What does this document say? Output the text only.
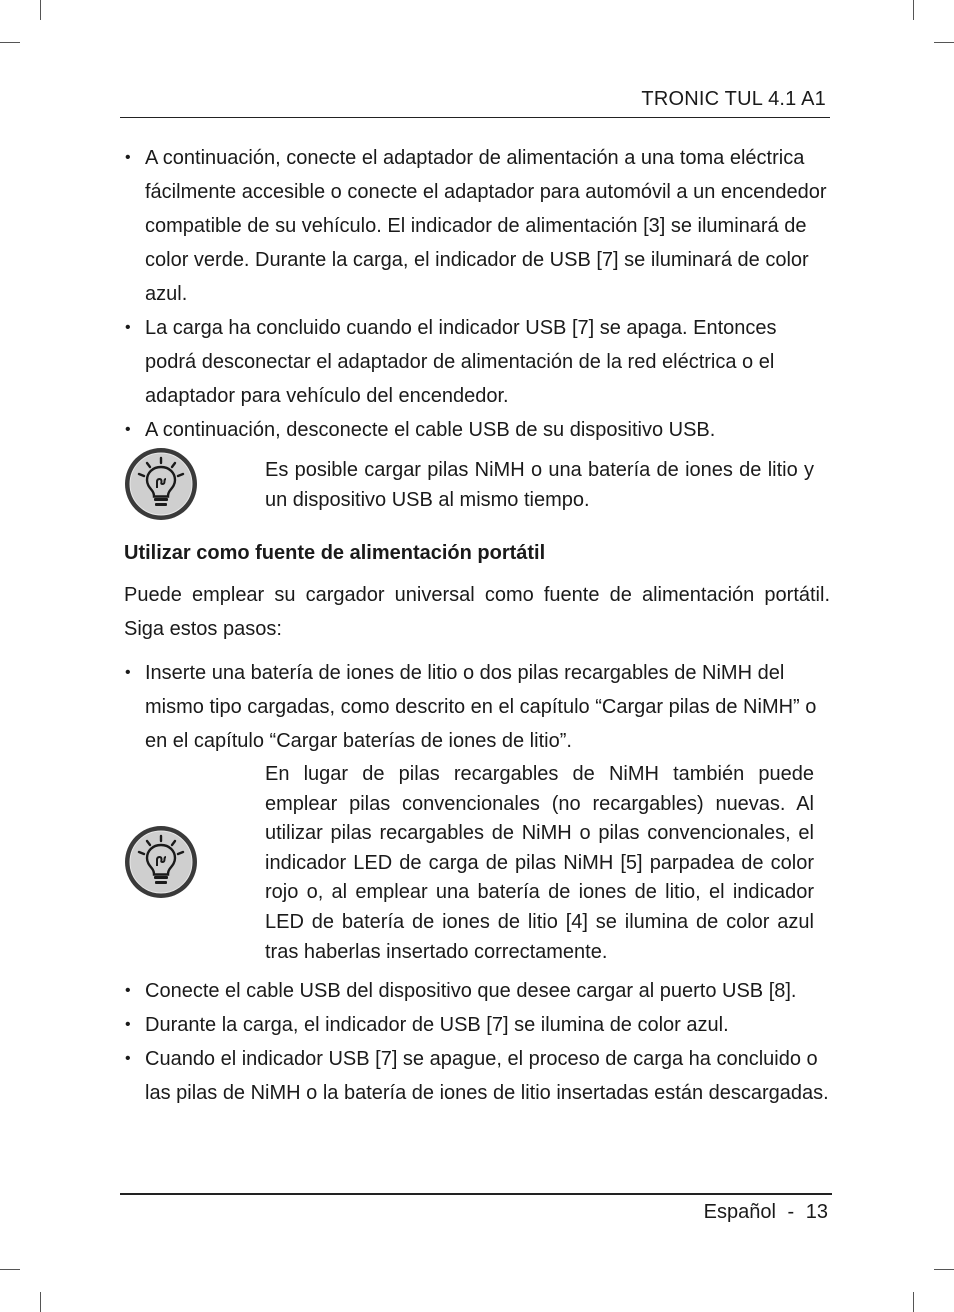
TRONIC TUL 4.1 A1
• A continuación, conecte el adaptador de alimentación a una toma eléctrica fácilmente accesible o conecte el adaptador para automóvil a un encendedor compatible de su vehículo. El indicador de alimentación [3] se iluminará de color verde. Durante la carga, el indicador de USB [7] se iluminará de color azul.
• La carga ha concluido cuando el indicador USB [7] se apaga. Entonces podrá desconectar el adaptador de alimentación de la red eléctrica o el adaptador para vehículo del encendedor.
• A continuación, desconecte el cable USB de su dispositivo USB.
Es posible cargar pilas NiMH o una batería de iones de litio y un dispositivo USB al mismo tiempo.
Utilizar como fuente de alimentación portátil
Puede emplear su cargador universal como fuente de alimentación portátil.
Siga estos pasos:
• Inserte una batería de iones de litio o dos pilas recargables de NiMH del mismo tipo cargadas, como descrito en el capítulo “Cargar pilas de NiMH” o en el capítulo “Cargar baterías de iones de litio”.
En lugar de pilas recargables de NiMH también puede emplear pilas convencionales (no recargables) nuevas. Al utilizar pilas recargables de NiMH o pilas convencionales, el indicador LED de carga de pilas NiMH [5] parpadea de color rojo o, al emplear una batería de iones de litio, el indicador LED de batería de iones de litio [4] se ilumina de color azul tras haberlas insertado correctamente.
• Conecte el cable USB del dispositivo que desee cargar al puerto USB [8].
• Durante la carga, el indicador de USB [7] se ilumina de color azul.
• Cuando el indicador USB [7] se apague, el proceso de carga ha concluido o las pilas de NiMH o la batería de iones de litio insertadas están descargadas.
Español - 13
